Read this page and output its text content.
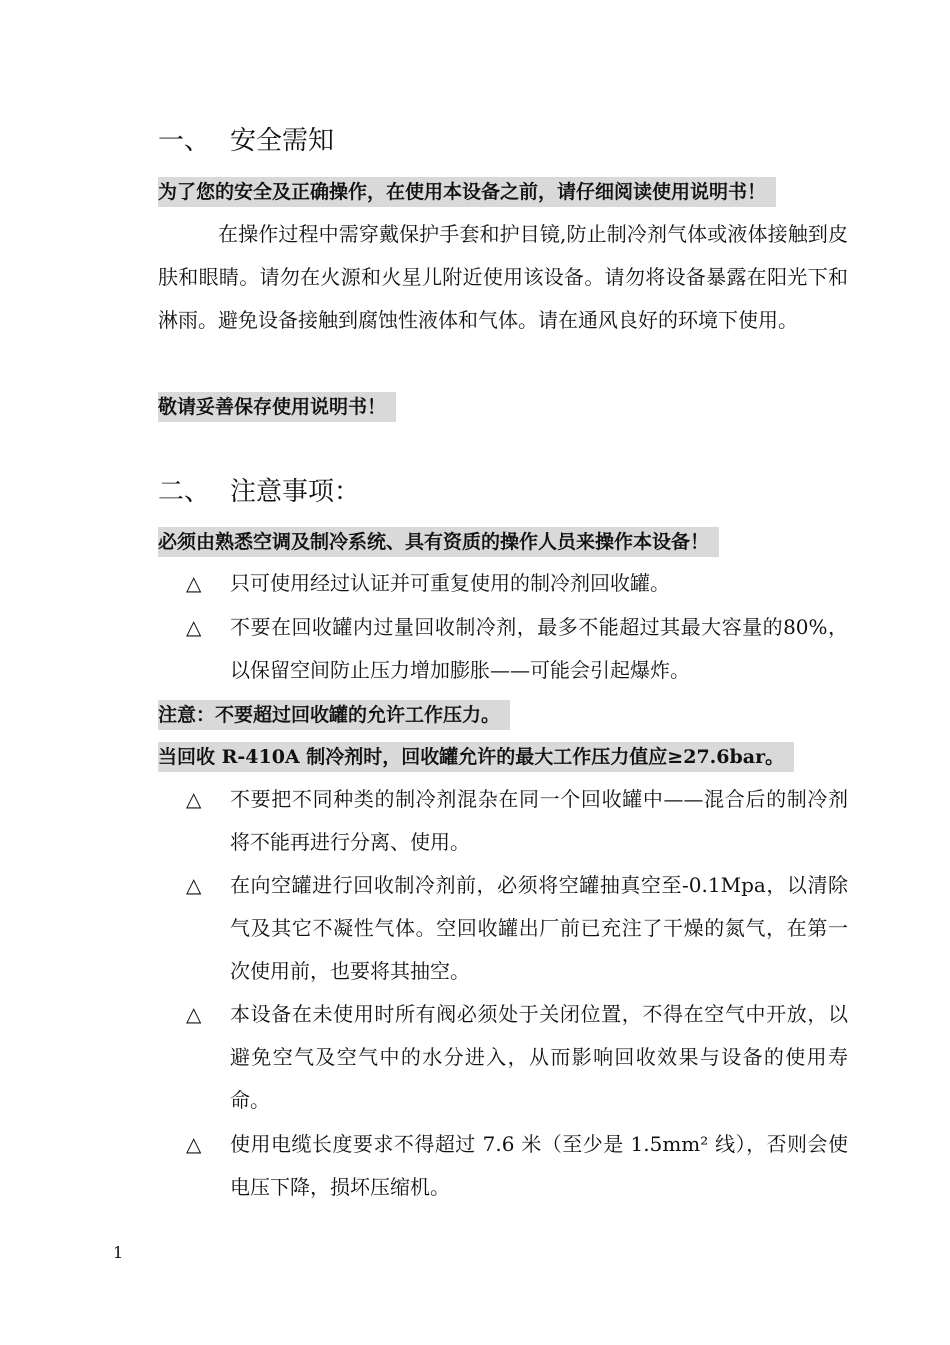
一、 安全需知
为了您的安全及正确操作，在使用本设备之前，请仔细阅读使用说明书！

在操作过程中需穿戴保护手套和护目镜,防止制冷剂气体或液体接触到皮肤和眼睛。请勿在火源和火星儿附近使用该设备。请勿将设备暴露在阳光下和淋雨。避免设备接触到腐蚀性液体和气体。请在通风良好的环境下使用。

敬请妥善保存使用说明书！
二、 注意事项：
必须由熟悉空调及制冷系统、具有资质的操作人员来操作本设备！
△ 只可使用经过认证并可重复使用的制冷剂回收罐。
△ 不要在回收罐内过量回收制冷剂，最多不能超过其最大容量的80%，以保留空间防止压力增加膨胀——可能会引起爆炸。
注意：不要超过回收罐的允许工作压力。
当回收 R-410A 制冷剂时，回收罐允许的最大工作压力值应≥27.6bar。
△ 不要把不同种类的制冷剂混杂在同一个回收罐中——混合后的制冷剂将不能再进行分离、使用。
△ 在向空罐进行回收制冷剂前，必须将空罐抽真空至-0.1Mpa，以清除气及其它不凝性气体。空回收罐出厂前已充注了干燥的氮气，在第一次使用前，也要将其抽空。
△ 本设备在未使用时所有阀必须处于关闭位置，不得在空气中开放，以避免空气及空气中的水分进入，从而影响回收效果与设备的使用寿命。
△ 使用电缆长度要求不得超过 7.6 米（至少是 1.5mm² 线），否则会使电压下降，损坏压缩机。
1
